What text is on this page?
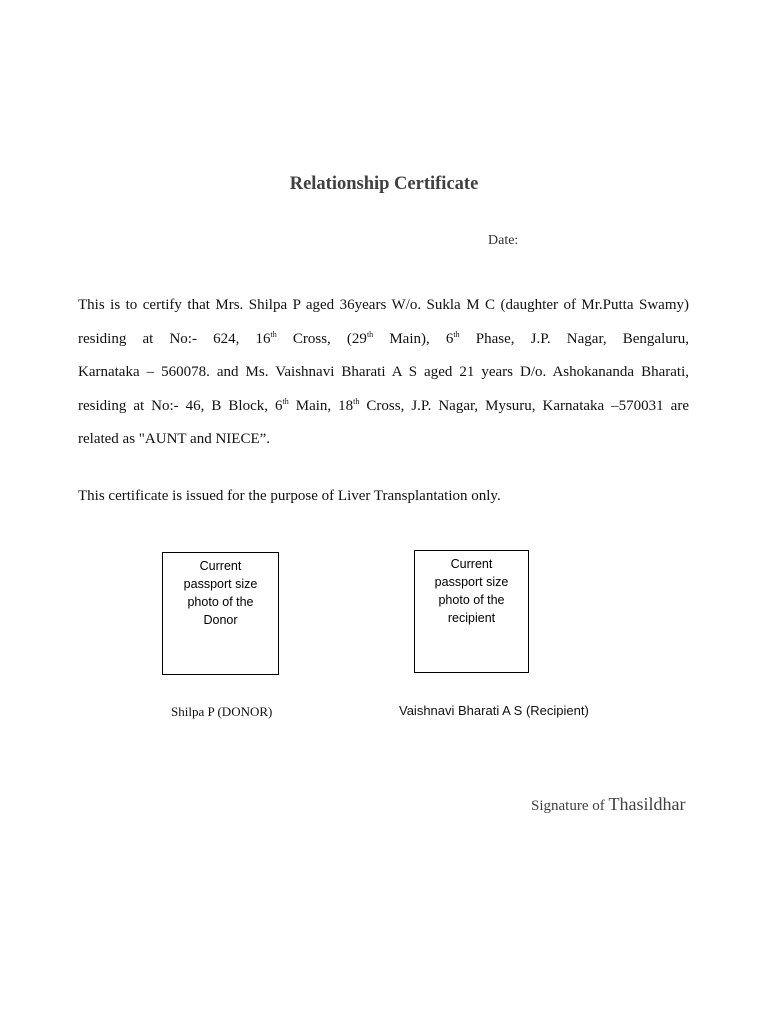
Relationship Certificate
Date:
This is to certify that Mrs. Shilpa P aged 36years W/o. Sukla M C (daughter of Mr.Putta Swamy)
residing at No:- 624, 16th Cross, (29th Main), 6th Phase, J.P. Nagar, Bengaluru,
Karnataka – 560078. and Ms. Vaishnavi Bharati A S aged 21 years D/o. Ashokananda Bharati,
residing at No:- 46, B Block, 6th Main, 18th Cross, J.P. Nagar, Mysuru, Karnataka –570031 are
related as "AUNT and NIECE”.
This certificate is issued for the purpose of Liver Transplantation only.
Current
passport size
photo of the
Donor
Current
passport size
photo of the
recipient
Shilpa P (DONOR)	Vaishnavi Bharati A S (Recipient)
Signature of Thasildhar
